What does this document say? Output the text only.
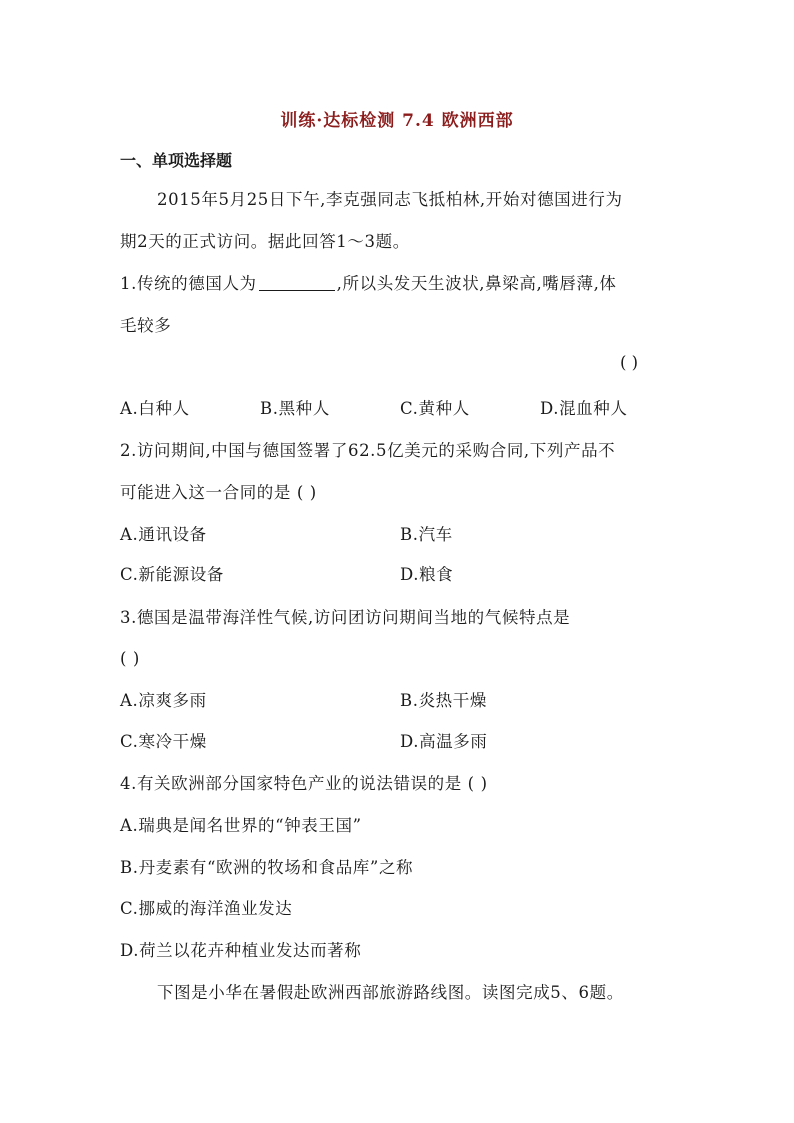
训练·达标检测 7.4 欧洲西部
一、单项选择题
2015年5月25日下午,李克强同志飞抵柏林,开始对德国进行为
期2天的正式访问。据此回答1～3题。
1.传统的德国人为	,所以头发天生波状,鼻梁高,嘴唇薄,体
毛较多
( )
A.白种人	B.黑种人	C.黄种人	D.混血种人
2.访问期间,中国与德国签署了62.5亿美元的采购合同,下列产品不
可能进入这一合同的是 ( )
A.通讯设备	B.汽车
C.新能源设备	D.粮食
3.德国是温带海洋性气候,访问团访问期间当地的气候特点是
( )
A.凉爽多雨	B.炎热干燥
C.寒冷干燥	D.高温多雨
4.有关欧洲部分国家特色产业的说法错误的是 ( )
A.瑞典是闻名世界的“钟表王国”
B.丹麦素有“欧洲的牧场和食品库”之称
C.挪威的海洋渔业发达
D.荷兰以花卉种植业发达而著称
下图是小华在暑假赴欧洲西部旅游路线图。读图完成5、6题。
